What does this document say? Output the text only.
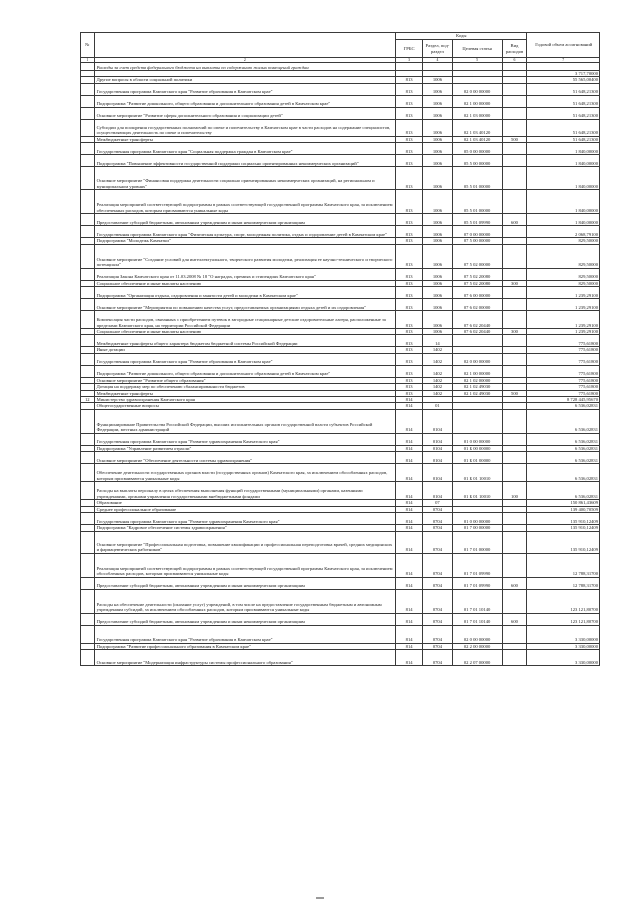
№		Коды				Годовой объем ассигнований
		ГРБС	Раздел, под-раздел	Целевая статья	Вид расходов	
1	2	3	4	5	6	7
	Расходы за счет средств федерального бюджета на выплаты по содержанию жилых помещений граждан					
						3 717,70000
	Другие вопросы в области социальной политики	813	1006			55 565,00400
	Государственная программа Камчатского края "Развитие образования в Камчатском крае"	813	1006	02 0 00 00000		51 648,21300
	Подпрограмма "Развитие дошкольного, общего образования и дополнительного образования детей в Камчатском крае"	813	1006	02 1 00 00000		51 648,21300
	Основное мероприятие "Развитие сферы дополнительного образования и социализации детей"	813	1006	02 1 03 00000		51 648,21300
	Субсидии для поощрения государственных полномочий по опеке и попечительству в Камчатском крае в части расходов на содержание специалистов, осуществляющих деятельность по опеке и попечительству	813	1006	02 1 03 40120		51 648,21300
	Межбюджетные трансферты	813	1006	02 1 03 40120	500	51 648,21300
	Государственная программа Камчатского края "Социальная поддержка граждан в Камчатском крае"	813	1006	05 0 00 00000		1 840,00000
	Подпрограмма "Повышение эффективности государственной поддержки социально ориентированных некоммерческих организаций"	813	1006	05 5 00 00000		1 840,00000
	Основное мероприятие "Финансовая поддержка деятельности социально ориентированных некоммерческих организаций, на региональном и муниципальном уровнях"	813	1006	05 5 01 00000		1 840,00000
	Реализация мероприятий соответствующей подпрограммы в рамках соответствующей государственной программы Камчатского края, за исключением обеспеченных расходов, которым присваиваются уникальные коды	813	1006	05 5 01 00000		1 840,00000
	Предоставление субсидий бюджетным, автономным учреждениям и иным некоммерческим организациям	813	1006	05 5 01 09990	600	1 840,00000
	Государственная программа Камчатского края "Физическая культура, спорт, молодежная политика, отдых и оздоровление детей в Камчатском крае"	813	1006	07 0 00 00000		2 068,79100
	Подпрограмма "Молодежь Камчатки"	813	1006	07 5 00 00000		829,50000
	Основное мероприятие "Создание условий для интеллектуального, творческого развития молодежи, реализация ее научно-технического и творческого потенциала"	813	1006	07 5 02 00000		829,50000
	Реализация Закона Камчатского края от 11.03.2008 № 18 "О наградах, премиях и стипендиях Камчатского края"	813	1006	07 5 02 20080		829,50000
	Социальное обеспечение и иные выплаты населению	813	1006	07 5 02 20080	300	829,50000
	Подпрограмма "Организация отдыха, оздоровления и занятости детей и молодежи в Камчатском крае"	813	1006	07 6 00 00000		1 239,29100
	Основное мероприятие "Мероприятия по повышению качества услуг, предоставляемых организациями отдыха детей и их оздоровления"	813	1006	07 6 02 00000		1 239,29100
	Компенсация части расходов, связанных с приобретением путевок в загородные стационарные детские оздоровительные лагеря, расположенные за пределами Камчатского края, на территории Российской Федерации	813	1006	07 6 02 20440		1 239,29100
	Социальное обеспечение и иные выплаты населению	813	1006	07 6 02 20440	300	1 239,29100
	Межбюджетные трансферты общего характера бюджетам бюджетной системы Российской Федерации	813	14			775,61800
	Иные дотации	813	1402			775,61800
	Государственная программа Камчатского края "Развитие образования в Камчатском крае"	813	1402	02 0 00 00000		775,61800
	Подпрограмма "Развитие дошкольного, общего образования и дополнительного образования детей в Камчатском крае"	813	1402	02 1 00 00000		775,61800
	Основное мероприятие "Развитие общего образования"	813	1402	02 1 02 00000		775,61800
	Дотация на поддержку мер по обеспечению сбалансированности бюджетов	813	1402	02 1 02 49030		775,61800
	Межбюджетные трансферты	813	1402	02 1 02 49030	500	775,61800
12	Министерство здравоохранения Камчатского края	814				8 728 445,95670
	Общегосударственные вопросы	814	01			6 536,02831
	Функционирование Правительства Российской Федерации, высших исполнительных органов государственной власти субъектов Российской Федерации, местных администраций	814	0104			6 536,02831
	Государственная программа Камчатского края "Развитие здравоохранения Камчатского края"	814	0104	01 0 00 00000		6 536,02831
	Подпрограмма "Управление развитием отрасли"	814	0104	01 Б 00 00000		6 536,02831
	Основное мероприятие "Обеспечение деятельности системы здравоохранения"	814	0104	01 Б 01 00000		6 536,02831
	Обеспечение деятельности государственных органов власти (государственных органов) Камчатского края, за исключением обособленных расходов, которым присваиваются уникальные коды	814	0104	01 Б 01 10010		6 536,02831
	Расходы на выплаты персоналу в целях обеспечения выполнения функций государственными (муниципальными) органами, казенными учреждениями, органами управления государственными внебюджетными фондами	814	0104	01 Б 01 10010	100	6 536,02831
	Образование	814	07			150 861,43609
	Среднее профессиональное образование	814	0704			139 400,70509
	Государственная программа Камчатского края "Развитие здравоохранения Камчатского края"	814	0704	01 0 00 00000		135 910,12409
	Подпрограмма "Кадровое обеспечение системы здравоохранения"	814	0704	01 7 00 00000		135 910,12409
	Основное мероприятие "Профессиональная подготовка, повышение квалификации и профессиональная переподготовка врачей, средних медицинских и фармацевтических работников"	814	0704	01 7 01 00000		135 910,12409
	Реализация мероприятий соответствующей подпрограммы в рамках соответствующей государственной программы Камчатского края, за исключением обособленных расходов, которым присваиваются уникальные коды	814	0704	01 7 01 09990		12 788,31700
	Предоставление субсидий бюджетным, автономным учреждениям и иным некоммерческим организациям	814	0704	01 7 01 09990	600	12 788,31700
	Расходы на обеспечение деятельности (оказание услуг) учреждений, в том числе на предоставление государственным бюджетным и автономным учреждениям субсидий, за исключением обособленных расходов, которым присваиваются уникальные коды	814	0704	01 7 01 10140		123 121,80700
	Предоставление субсидий бюджетным, автономным учреждениям и иным некоммерческим организациям	814	0704	01 7 01 10140	600	123 121,80700
	Государственная программа Камчатского края "Развитие образования в Камчатском крае"	814	0704	02 0 00 00000		3 330,00000
	Подпрограмма "Развитие профессионального образования в Камчатском крае"	814	0704	02 2 00 00000		3 330,00000
	Основное мероприятие "Модернизация инфраструктуры системы профессионального образования"	814	0704	02 2 07 00000		3 330,00000
